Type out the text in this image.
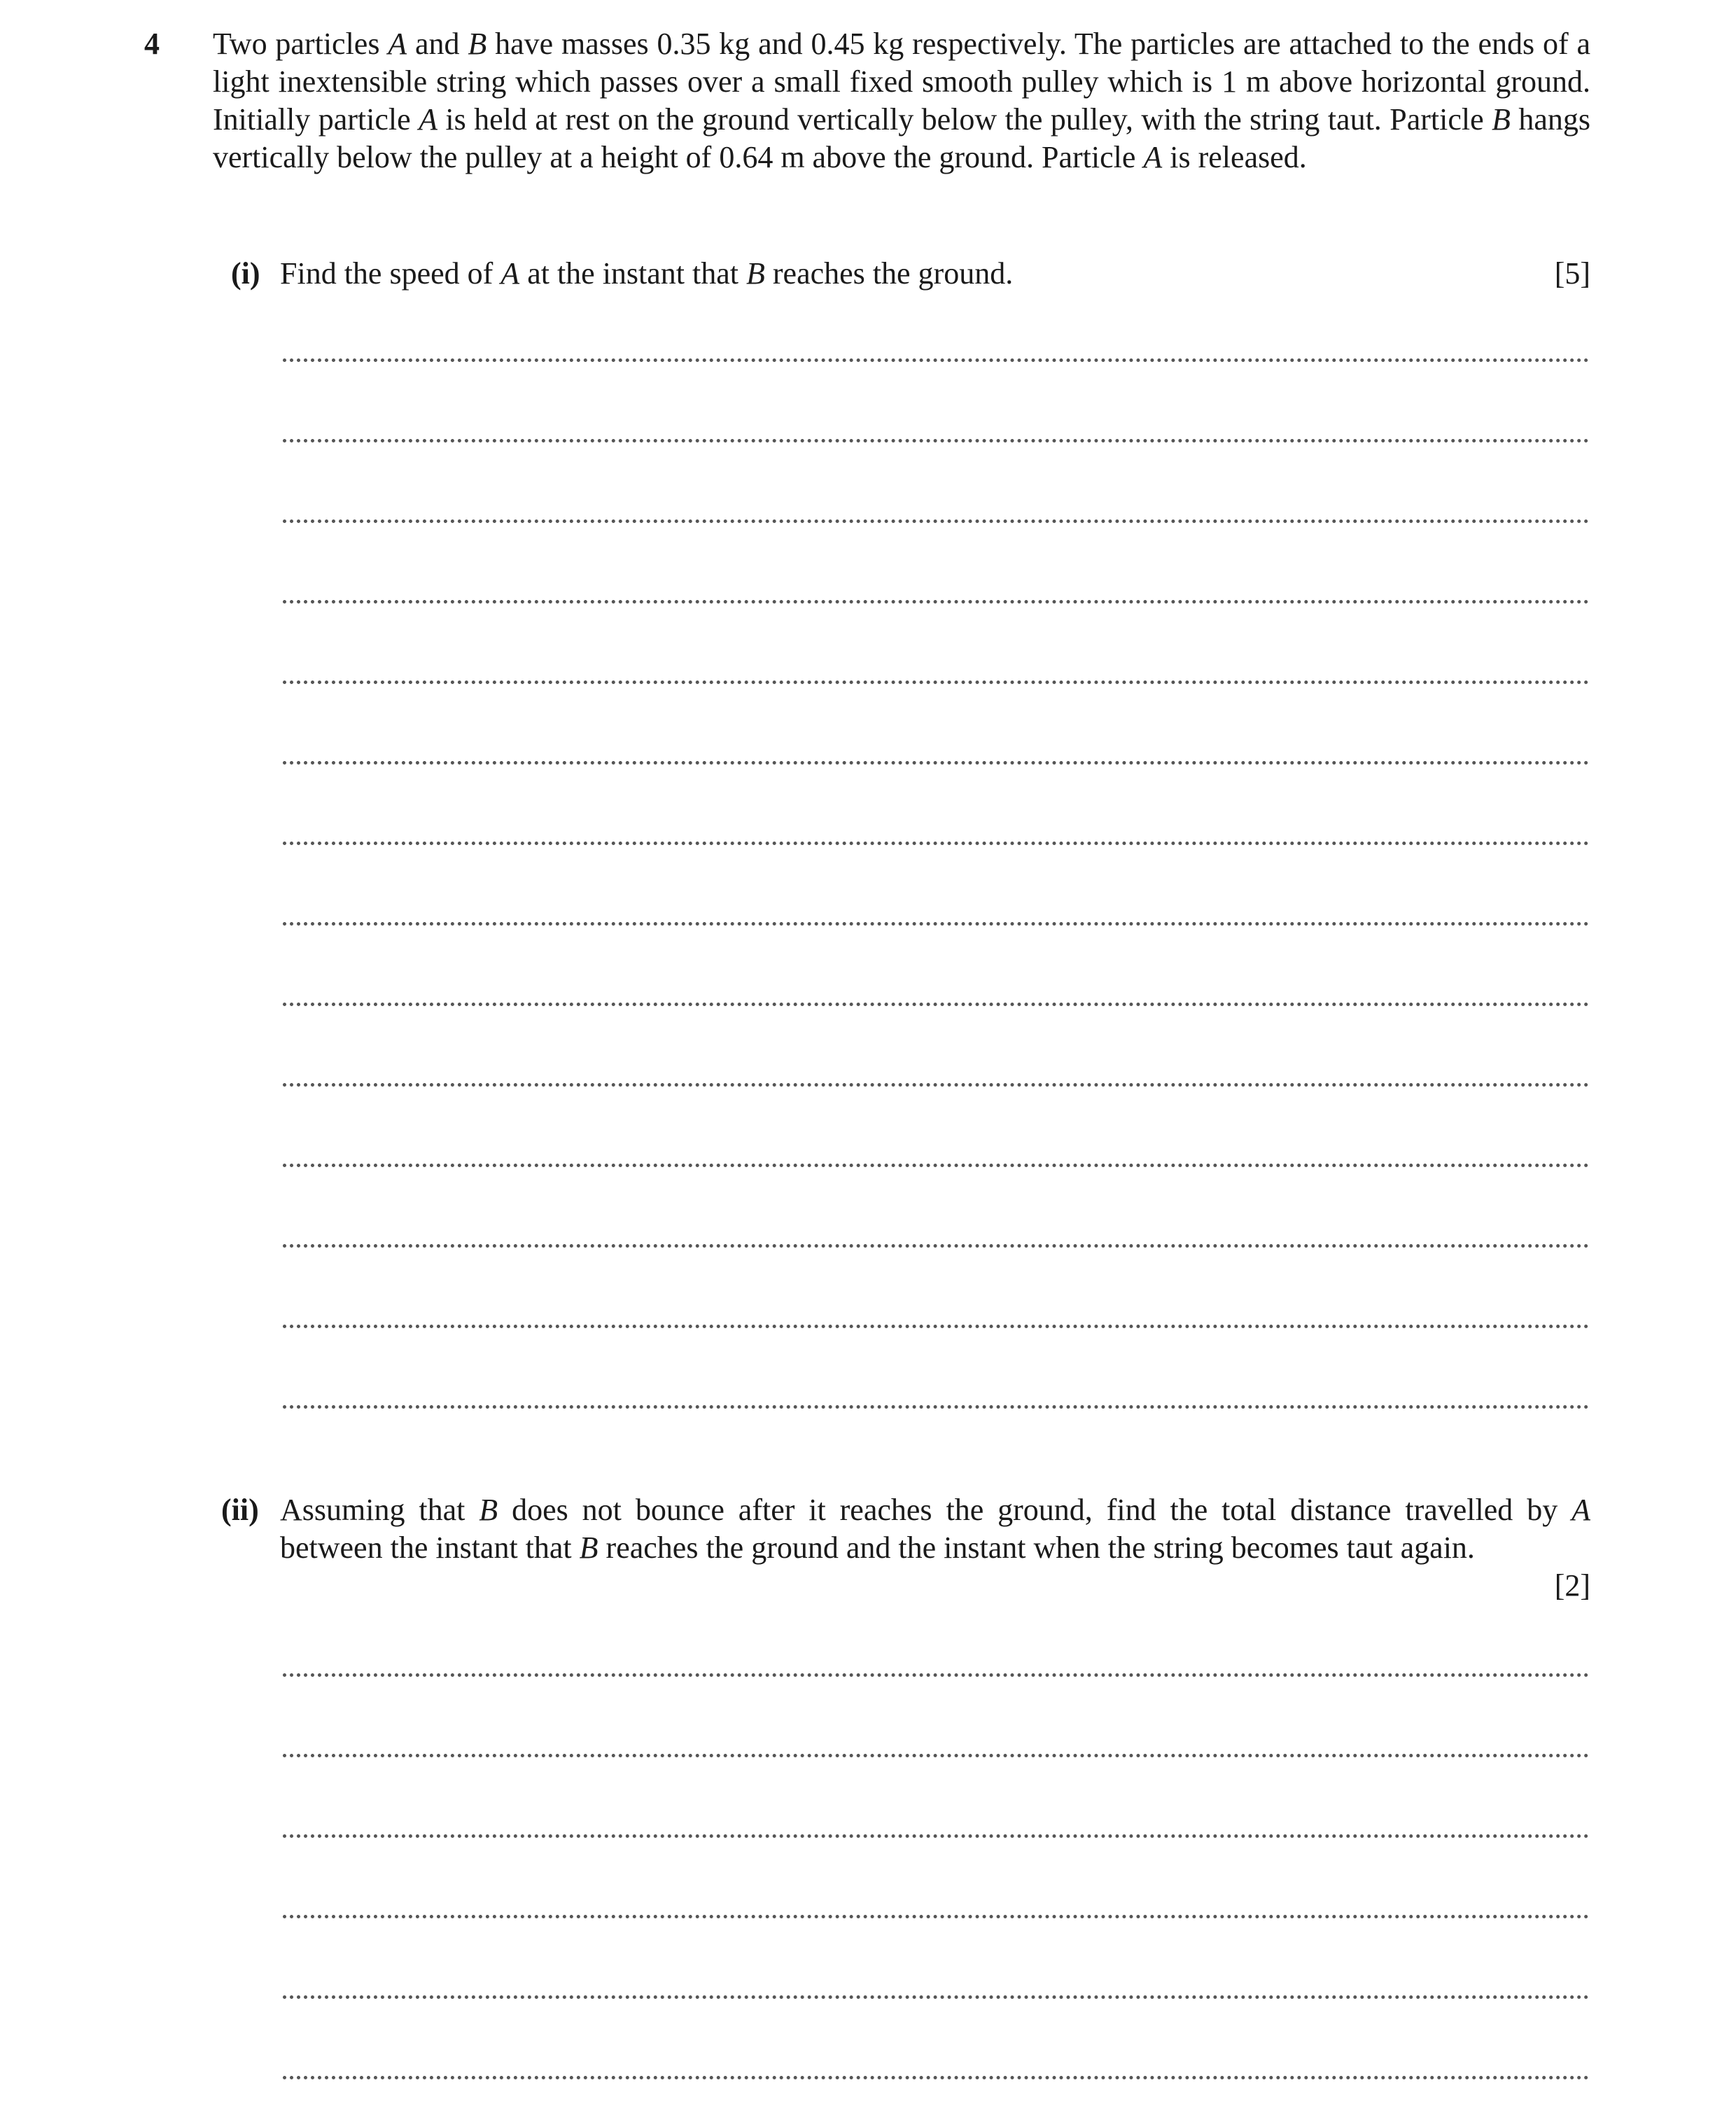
4 Two particles A and B have masses 0.35 kg and 0.45 kg respectively. The particles are attached to the ends of a light inextensible string which passes over a small fixed smooth pulley which is 1 m above horizontal ground. Initially particle A is held at rest on the ground vertically below the pulley, with the string taut. Particle B hangs vertically below the pulley at a height of 0.64 m above the ground. Particle A is released.
(i) Find the speed of A at the instant that B reaches the ground.	[5]
(ii) Assuming that B does not bounce after it reaches the ground, find the total distance travelled by A between the instant that B reaches the ground and the instant when the string becomes taut again.
[2]
